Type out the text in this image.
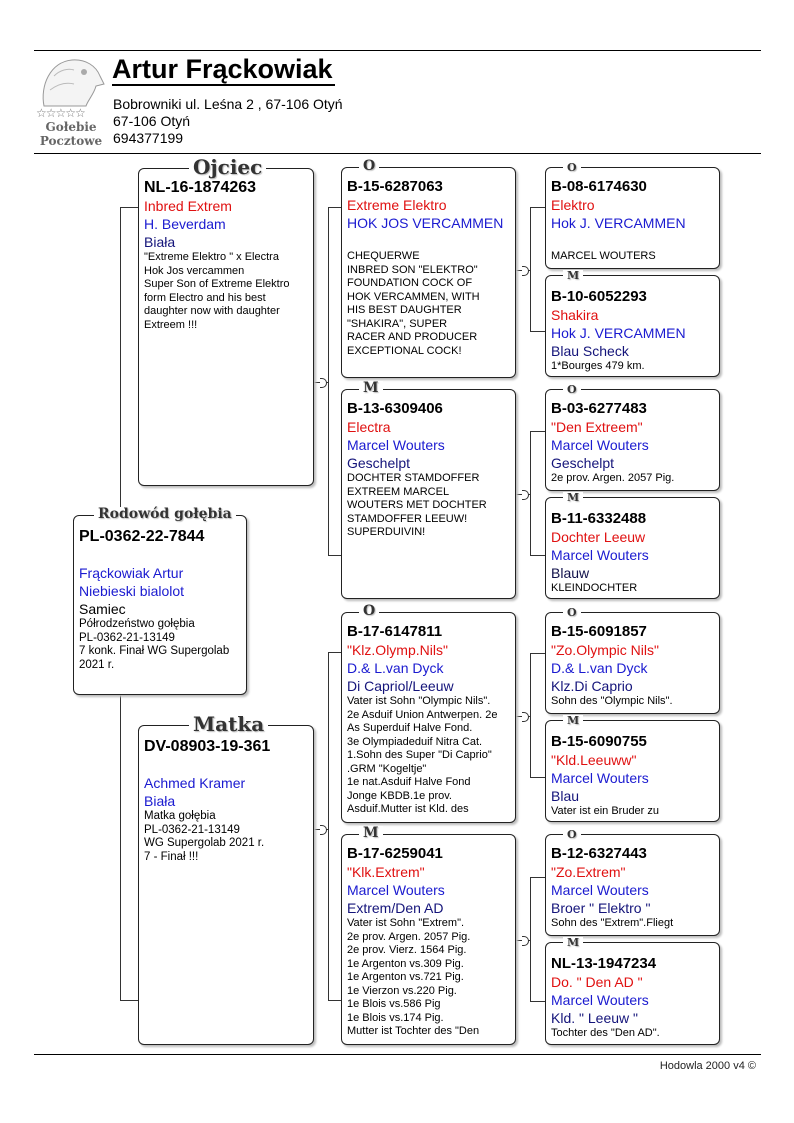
☆☆☆☆☆
Gołebie
Pocztowe
Artur Frąckowiak
Bobrowniki ul. Leśna 2 , 67-106 Otyń
67-106 Otyń
694377199
PL-0362-22-7844
Frąckowiak Artur
Niebieski bialolot
Samiec
Półrodzeństwo gołębia
PL-0362-21-13149
7 konk. Finał WG Supergolab
2021 r.
Rodowód gołębia
NL-16-1874263
Inbred Extrem
H. Beverdam
Biała
"Extreme Elektro " x Electra
Hok Jos vercammen
Super Son of Extreme Elektro
form Electro and his best
daughter now with daughter
Extreem !!!
Ojciec
DV-08903-19-361
Achmed Kramer
Biała
Matka gołębia
PL-0362-21-13149
WG Supergolab 2021 r.
7 - Finał !!!
Matka
B-15-6287063
Extreme Elektro
HOK JOS VERCAMMEN
CHEQUERWE
INBRED SON "ELEKTRO"
FOUNDATION COCK OF
HOK VERCAMMEN, WITH
HIS BEST DAUGHTER
"SHAKIRA", SUPER
RACER AND PRODUCER
EXCEPTIONAL COCK!
O
B-13-6309406
Electra
Marcel Wouters
Geschelpt
DOCHTER STAMDOFFER
EXTREEM MARCEL
WOUTERS MET DOCHTER
STAMDOFFER LEEUW!
SUPERDUIVIN!
M
B-17-6147811
"Klz.Olymp.Nils"
D.& L.van Dyck
Di Capriol/Leeuw
Vater ist Sohn "Olympic Nils".
2e Asduif Union Antwerpen. 2e
As Superduif Halve Fond.
3e Olympiadeduif Nitra Cat.
1.Sohn des Super "Di Caprio"
.GRM "Kogeltje"
1e nat.Asduif Halve Fond
Jonge KBDB.1e prov.
Asduif.Mutter ist Kld. des
O
B-17-6259041
"Klk.Extrem"
Marcel Wouters
Extrem/Den AD
Vater ist Sohn "Extrem".
2e prov. Argen. 2057 Pig.
2e prov. Vierz. 1564 Pig.
1e Argenton vs.309 Pig.
1e Argenton vs.721 Pig.
1e Vierzon vs.220 Pig.
1e Blois vs.586 Pig
1e Blois vs.174 Pig.
Mutter ist Tochter des "Den
M
B-08-6174630
Elektro
Hok J. VERCAMMEN
MARCEL WOUTERS
O
B-10-6052293
Shakira
Hok J. VERCAMMEN
Blau Scheck
1*Bourges 479 km.
M
B-03-6277483
"Den Extreem"
Marcel Wouters
Geschelpt
2e prov. Argen. 2057 Pig.
O
B-11-6332488
Dochter Leeuw
Marcel Wouters
Blauw
KLEINDOCHTER
M
B-15-6091857
"Zo.Olympic Nils"
D.& L.van Dyck
Klz.Di Caprio
Sohn des "Olympic Nils".
O
B-15-6090755
"Kld.Leeuww"
Marcel Wouters
Blau
Vater ist ein Bruder zu
M
B-12-6327443
"Zo.Extrem"
Marcel Wouters
Broer " Elektro "
Sohn des "Extrem".Fliegt
O
NL-13-1947234
Do. " Den AD "
Marcel Wouters
Kld. " Leeuw "
Tochter des "Den AD".
M
Hodowla 2000 v4 ©
